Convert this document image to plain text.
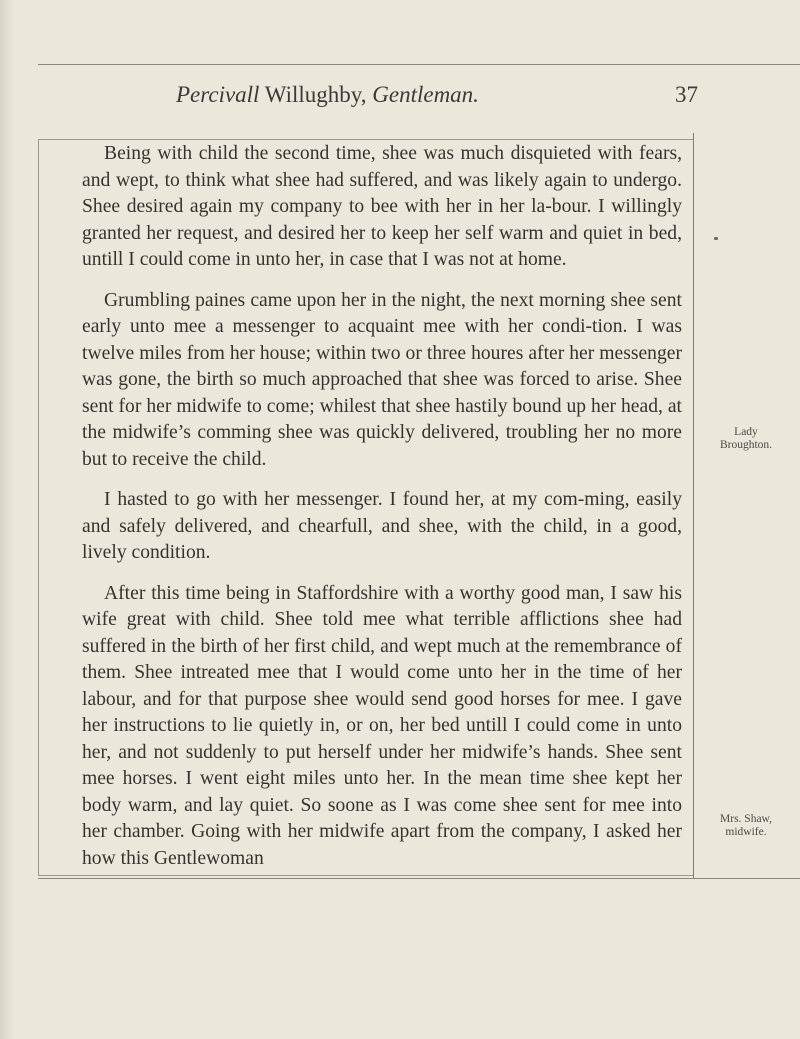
Percivall Willughby, Gentleman.	37

Being with child the second time, shee was much disquieted with fears, and wept, to think what shee had suffered, and was likely again to undergo. Shee desired again my company to bee with her in her la-bour. I willingly granted her request, and desired her to keep her self warm and quiet in bed, untill I could come in unto her, in case that I was not at home.

Grumbling paines came upon her in the night, the next morning shee sent early unto mee a messenger to acquaint mee with her condi-tion. I was twelve miles from her house; within two or three houres after her messenger was gone, the birth so much approached that shee was forced to arise. Shee sent for her midwife to come; whilest that shee hastily bound up her head, at the midwife’s comming shee was quickly delivered, troubling her no more but to receive the child.

I hasted to go with her messenger. I found her, at my com-ming, easily and safely delivered, and chearfull, and shee, with the child, in a good, lively condition.

After this time being in Staffordshire with a worthy good man, I saw his wife great with child. Shee told mee what terrible afflictions shee had suffered in the birth of her first child, and wept much at the remembrance of them. Shee intreated mee that I would come unto her in the time of her labour, and for that purpose shee would send good horses for mee. I gave her instructions to lie quietly in, or on, her bed untill I could come in unto her, and not suddenly to put herself under her midwife’s hands. Shee sent mee horses. I went eight miles unto her. In the mean time shee kept her body warm, and lay quiet. So soone as I was come shee sent for mee into her chamber. Going with her midwife apart from the company, I asked her how this Gentlewoman

Lady
Broughton.
Mrs. Shaw,
midwife.
